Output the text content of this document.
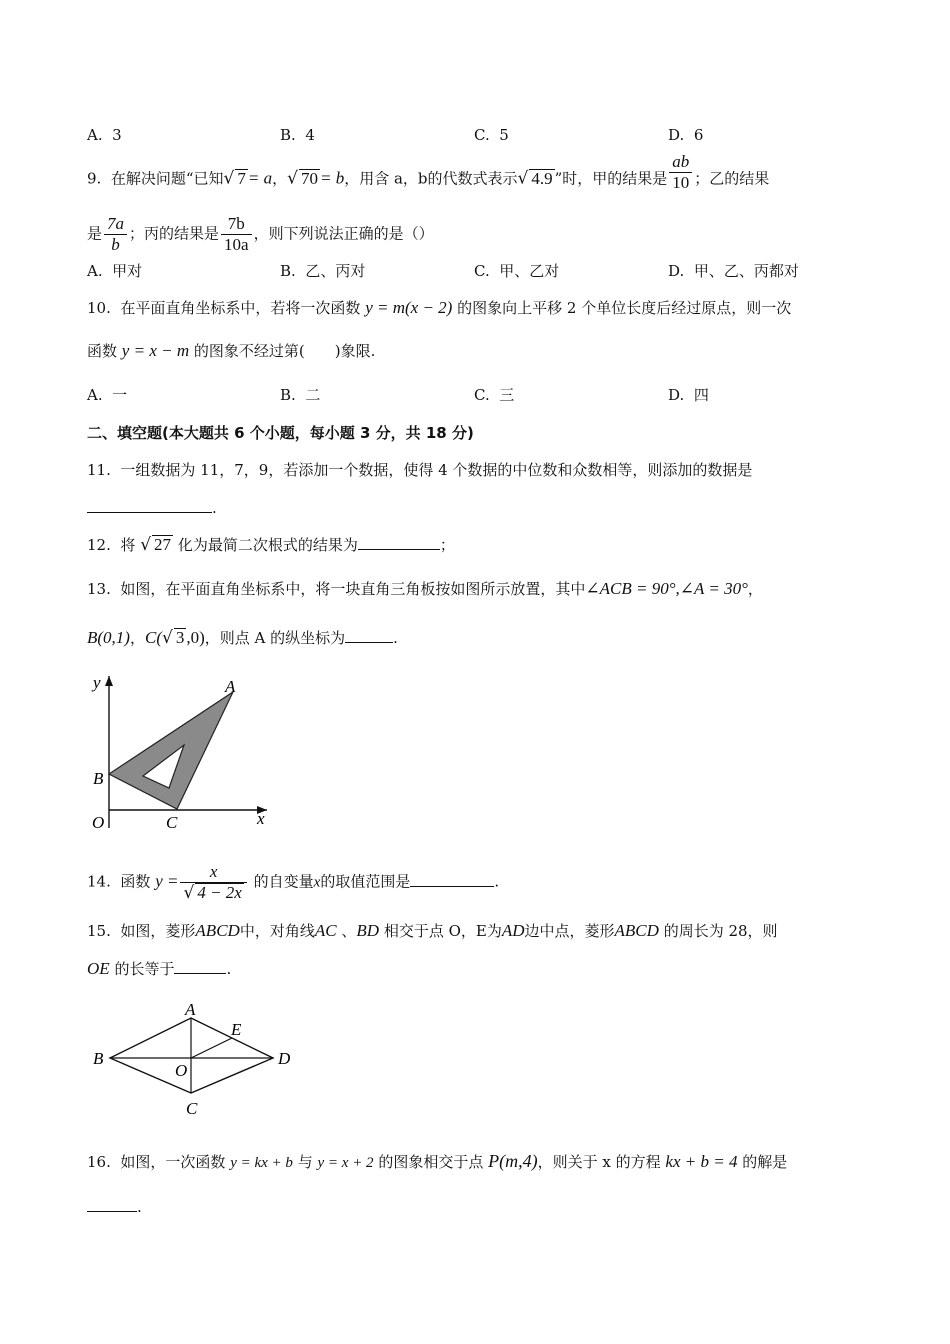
A. 3	B. 4	C. 5	D. 6
9. 在解决问题“已知√ 7 = a，√ 70 = b，用含 a，b的代数式表示√ 4.9 ”时，甲的结果是 $\frac{ab}{10}$ ；乙的结果
是 $\frac{7a}{b}$ ；丙的结果是 $\frac{7b}{10a}$ ，则下列说法正确的是（）
A. 甲对	B. 乙、丙对	C. 甲、乙对	D. 甲、乙、丙都对
10. 在平面直角坐标系中，若将一次函数 y = m(x − 2) 的图象向上平移 2 个单位长度后经过原点，则一次
函数 y = x − m 的图象不经过第(　　)象限.
A. 一	B. 二	C. 三	D. 四
二、填空题(本大题共 6 个小题，每小题 3 分，共 18 分)
11. 一组数据为 11，7，9，若添加一个数据，使得 4 个数据的中位数和众数相等，则添加的数据是
.
12. 将 √ 27 化为最简二次根式的结果为	；
13. 如图，在平面直角坐标系中，将一块直角三角板按如图所示放置，其中∠ACB = 90°,∠A = 30°，
B(0,1)，C(√ 3 ,0)，则点 A 的纵坐标为	.
y
x
A
B
O	C
14. 函数 $y = \frac{x}{√ 4 - 2x}$ 的自变量x的取值范围是	.
15. 如图，菱形ABCD中，对角线AC 、BD 相交于点 O，E为AD边中点，菱形ABCD 的周长为 28，则
OE 的长等于	.
A
B
C
D
E
O
16. 如图，一次函数 y = kx + b 与 y = x + 2 的图象相交于点 P(m,4)，则关于 x 的方程 kx + b = 4 的解是
.
